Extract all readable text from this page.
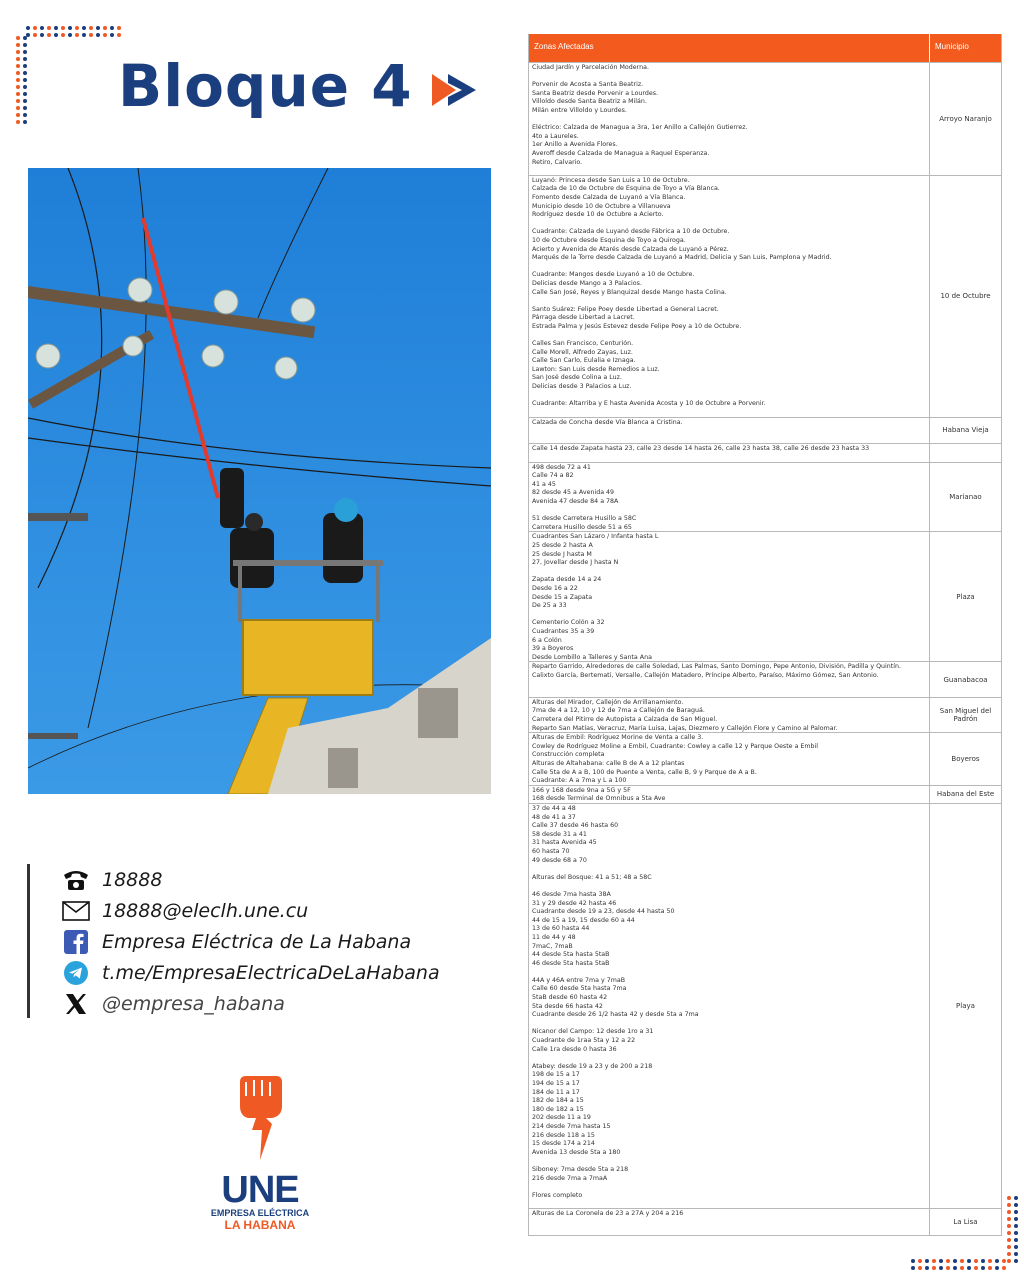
Bloque 4
18888
18888@eleclh.une.cu
Empresa Eléctrica de La Habana
t.me/EmpresaElectricaDeLaHabana
@empresa_habana
UNE
EMPRESA ELÉCTRICA
LA HABANA
Zonas Afectadas	Municipio
Ciudad Jardín y Parcelación Moderna.

Porvenir de Acosta a Santa Beatriz.
Santa Beatriz desde Porvenir a Lourdes.
Villoldo desde Santa Beatriz a Milán.
Milán entre Villoldo y Lourdes.

Eléctrico: Calzada de Managua a 3ra, 1er Anillo a Callejón Gutierrez.
4to a Laureles.
1er Anillo a Avenida Flores.
Averoff desde Calzada de Managua a Raquel Esperanza.
Retiro, Calvario.
Arroyo Naranjo
Luyanó: Princesa desde San Luis a 10 de Octubre.
Calzada de 10 de Octubre de Esquina de Toyo a Vía Blanca.
Fomento desde Calzada de Luyanó a Vía Blanca.
Municipio desde 10 de Octubre a Villanueva
Rodríguez desde 10 de Octubre a Acierto.

Cuadrante: Calzada de Luyanó desde Fábrica a 10 de Octubre.
10 de Octubre desde Esquina de Toyo a Quiroga.
Acierto y Avenida de Atarés desde Calzada de Luyanó a Pérez.
Marqués de la Torre desde Calzada de Luyanó a Madrid, Delicia y San Luis, Pamplona y Madrid.

Cuadrante: Mangos desde Luyanó a 10 de Octubre.
Delicias desde Mango a 3 Palacios.
Calle San José, Reyes y Blanquizal desde Mango hasta Colina.

Santo Suárez: Felipe Poey desde Libertad a General Lacret.
Párraga desde Libertad a Lacret.
Estrada Palma y Jesús Estevez desde Felipe Poey a 10 de Octubre.

Calles San Francisco, Centurión.
Calle Morell, Alfredo Zayas, Luz.
Calle San Carlo, Eulalia e Iznaga.
Lawton: San Luis desde Remedios a Luz.
San José desde Colina a Luz.
Delicias desde 3 Palacios a Luz.

Cuadrante: Altarriba y E hasta Avenida Acosta y 10 de Octubre a Porvenir.
10 de Octubre
Calzada de Concha desde Vía Blanca a Cristina.
Habana Vieja
Calle 14 desde Zapata hasta 23, calle 23 desde 14 hasta 26, calle 23 hasta 38, calle 26 desde 23 hasta 33
498 desde 72 a 41
Calle 74 a 82
41 a 45
82 desde 45 a Avenida 49
Avenida 47 desde 84 a 78A

51 desde Carretera Husillo a 58C
Carretera Husillo desde 51 a 65
Marianao
Cuadrantes San Lázaro / Infanta hasta L
25 desde 2 hasta A
25 desde J hasta M
27, Jovellar desde J hasta N

Zapata desde 14 a 24
Desde 16 a 22
Desde 15 a Zapata
De 25 a 33

Cementerio Colón a 32
Cuadrantes 35 a 39
6 a Colón
39 a Boyeros
Desde Lombillo a Talleres y Santa Ana
Plaza
Reparto Garrido, Alrededores de calle Soledad, Las Palmas, Santo Domingo, Pepe Antonio, División, Padilla y Quintín.
Calixto García, Bertemati, Versalle, Callejón Matadero, Príncipe Alberto, Paraíso, Máximo Gómez, San Antonio.
Guanabacoa
Alturas del Mirador, Callejón de Arrillanamiento.
7ma de 4 a 12, 10 y 12 de 7ma a Callejón de Baraguá.
Carretera del Pitirre de Autopista a Calzada de San Miguel.
Reparto San Matías, Veracruz, María Luisa, Lajas, Diezmero y Callejón Flore y Camino al Palomar.
San Miguel del Padrón
Alturas de Embil: Rodríguez Morine de Venta a calle 3.
Cowley de Rodríguez Moline a Embil, Cuadrante: Cowley a calle 12 y Parque Oeste a Embil
Construcción completa
Alturas de Altahabana: calle B de A a 12 plantas
Calle 5ta de A a B, 100 de Puente a Venta, calle B, 9 y Parque de A a B.
Cuadrante: A a 7ma y L a 100
Boyeros
166 y 168 desde 9na a 5G y 5F
168 desde Terminal de Omnibus a 5ta Ave
Habana del Este
37 de 44 a 48
48 de 41 a 37
Calle 37 desde 46 hasta 60
58 desde 31 a 41
31 hasta Avenida 45
60 hasta 70
49 desde 68 a 70

Alturas del Bosque: 41 a 51; 48 a 58C

46 desde 7ma hasta 38A
31 y 29 desde 42 hasta 46
Cuadrante desde 19 a 23, desde 44 hasta 50
44 de 15 a 19, 15 desde 60 a 44
13 de 60 hasta 44
11 de 44 y 48
7maC, 7maB
44 desde 5ta hasta 5taB
46 desde 5ta hasta 5taB

44A y 46A entre 7ma y 7maB
Calle 60 desde 5ta hasta 7ma
5taB desde 60 hasta 42
5ta desde 66 hasta 42
Cuadrante desde 26 1/2 hasta 42 y desde 5ta a 7ma

Nicanor del Campo: 12 desde 1ro a 31
Cuadrante de 1raa 5ta y 12 a 22
Calle 1ra desde 0 hasta 36

Atabey: desde 19 a 23 y de 200 a 218
198 de 15 a 17
194 de 15 a 17
184 de 11 a 17
182 de 184 a 15
180 de 182 a 15
202 desde 11 a 19
214 desde 7ma hasta 15
216 desde 118 a 15
15 desde 174 a 214
Avenida 13 desde 5ta a 180

Siboney: 7ma desde 5ta a 218
216 desde 7ma a 7maA

Flores completo
Playa
Alturas de La Coronela de 23 a 27A y 204 a 216
La Lisa
